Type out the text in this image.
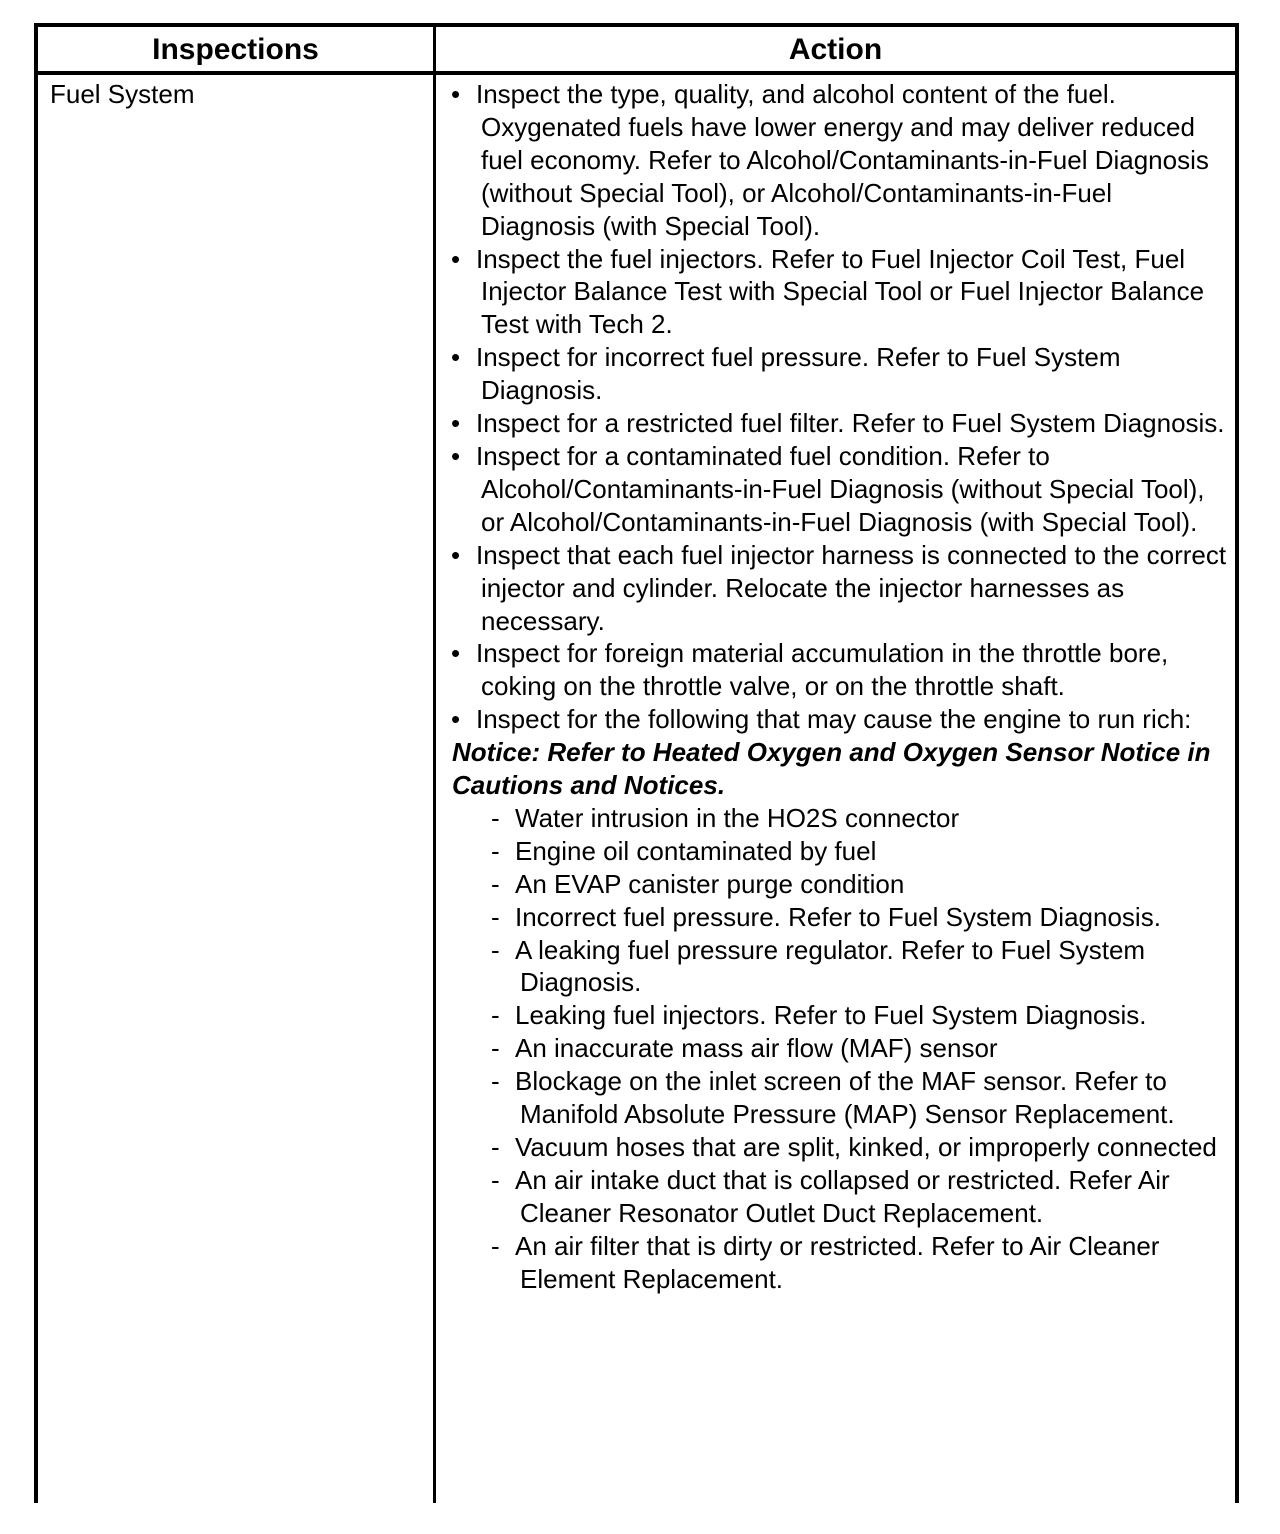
Inspections	Action
Fuel System	• Inspect the type, quality, and alcohol content of the fuel. Oxygenated fuels have lower energy and may deliver reduced fuel economy. Refer to Alcohol/Contaminants-in-Fuel Diagnosis (without Special Tool), or Alcohol/Contaminants-in-Fuel Diagnosis (with Special Tool).
• Inspect the fuel injectors. Refer to Fuel Injector Coil Test, Fuel Injector Balance Test with Special Tool or Fuel Injector Balance Test with Tech 2.
• Inspect for incorrect fuel pressure. Refer to Fuel System Diagnosis.
• Inspect for a restricted fuel filter. Refer to Fuel System Diagnosis.
• Inspect for a contaminated fuel condition. Refer to Alcohol/Contaminants-in-Fuel Diagnosis (without Special Tool), or Alcohol/Contaminants-in-Fuel Diagnosis (with Special Tool).
• Inspect that each fuel injector harness is connected to the correct injector and cylinder. Relocate the injector harnesses as necessary.
• Inspect for foreign material accumulation in the throttle bore, coking on the throttle valve, or on the throttle shaft.
• Inspect for the following that may cause the engine to run rich:
Notice: Refer to Heated Oxygen and Oxygen Sensor Notice in Cautions and Notices.
- Water intrusion in the HO2S connector
- Engine oil contaminated by fuel
- An EVAP canister purge condition
- Incorrect fuel pressure. Refer to Fuel System Diagnosis.
- A leaking fuel pressure regulator. Refer to Fuel System Diagnosis.
- Leaking fuel injectors. Refer to Fuel System Diagnosis.
- An inaccurate mass air flow (MAF) sensor
- Blockage on the inlet screen of the MAF sensor. Refer to Manifold Absolute Pressure (MAP) Sensor Replacement.
- Vacuum hoses that are split, kinked, or improperly connected
- An air intake duct that is collapsed or restricted. Refer Air Cleaner Resonator Outlet Duct Replacement.
- An air filter that is dirty or restricted. Refer to Air Cleaner Element Replacement.
